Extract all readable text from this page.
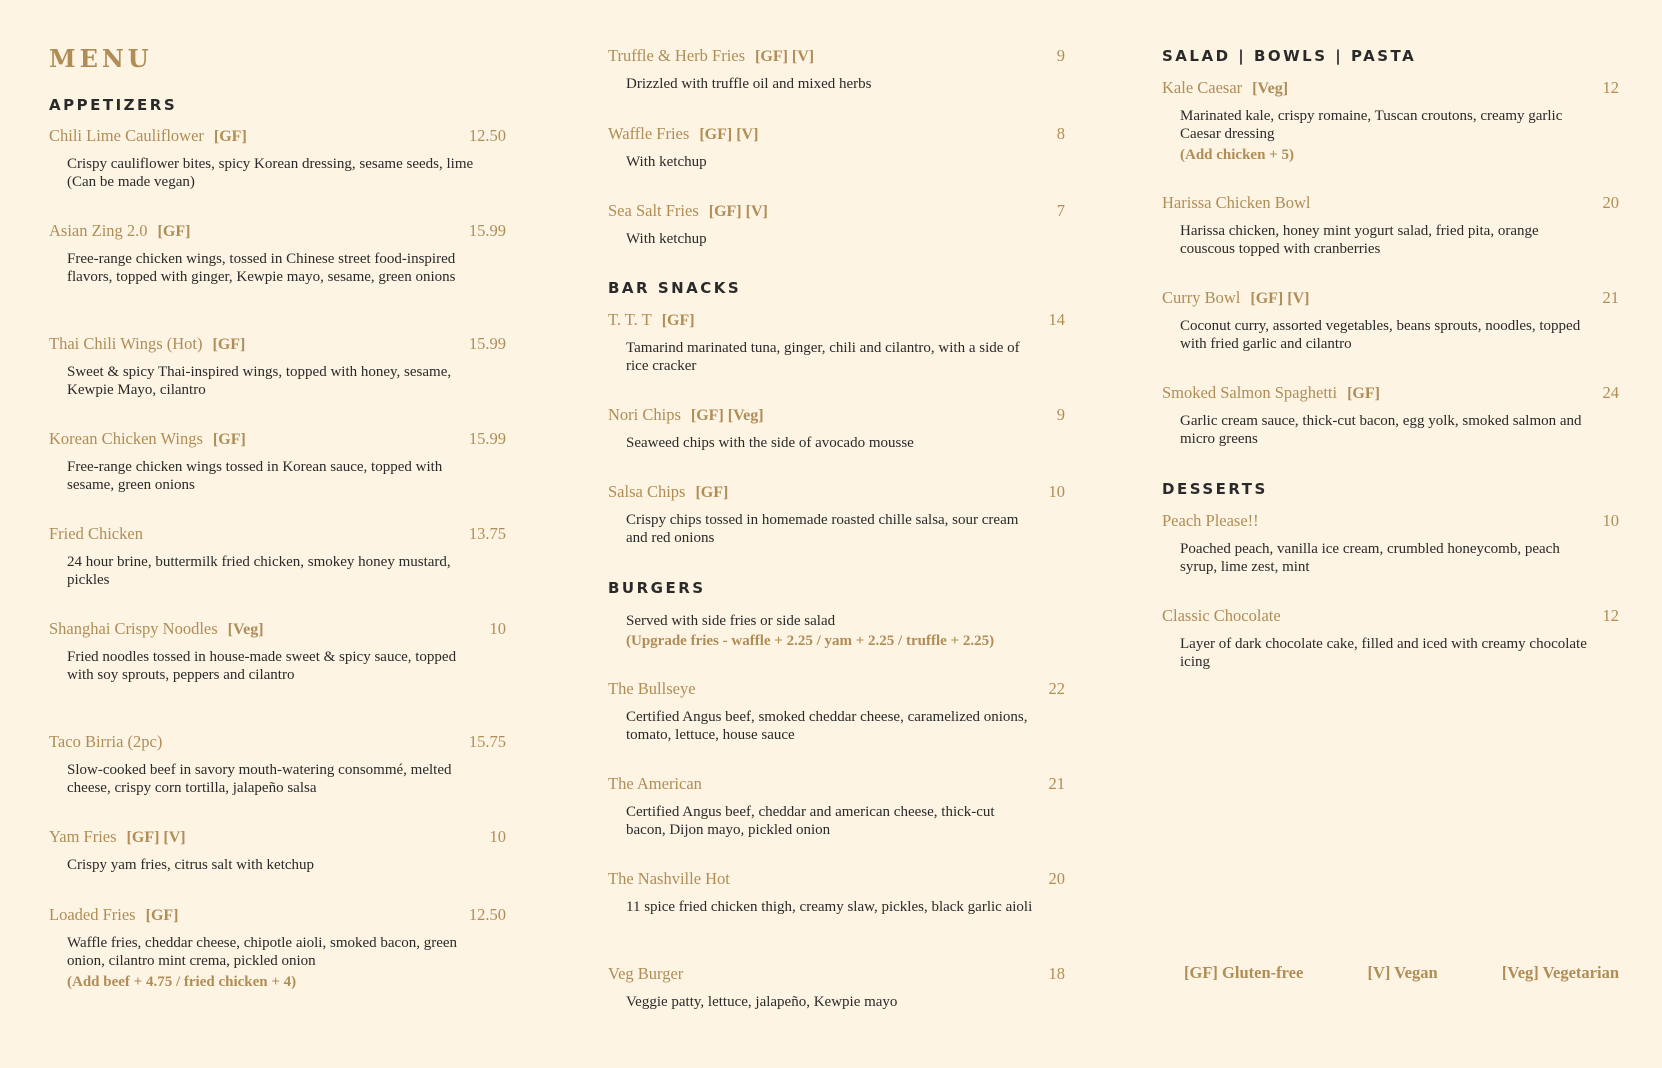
MENU
APPETIZERS
Chili Lime Cauliflower [GF]	12.50
Crispy cauliflower bites, spicy Korean dressing, sesame seeds, lime (Can be made vegan)
Asian Zing 2.0 [GF]	15.99
Free-range chicken wings, tossed in Chinese street food-inspired flavors, topped with ginger, Kewpie mayo, sesame, green onions
Thai Chili Wings (Hot) [GF]	15.99
Sweet & spicy Thai-inspired wings, topped with honey, sesame, Kewpie Mayo, cilantro
Korean Chicken Wings [GF]	15.99
Free-range chicken wings tossed in Korean sauce, topped with sesame, green onions
Fried Chicken	13.75
24 hour brine, buttermilk fried chicken, smokey honey mustard, pickles
Shanghai Crispy Noodles [Veg]	10
Fried noodles tossed in house-made sweet & spicy sauce, topped with soy sprouts, peppers and cilantro
Taco Birria (2pc)	15.75
Slow-cooked beef in savory mouth-watering consommé, melted cheese, crispy corn tortilla, jalapeño salsa
Yam Fries [GF] [V]	10
Crispy yam fries, citrus salt with ketchup
Loaded Fries [GF]	12.50
Waffle fries, cheddar cheese, chipotle aioli, smoked bacon, green onion, cilantro mint crema, pickled onion
(Add beef + 4.75 / fried chicken + 4)
Truffle & Herb Fries [GF] [V]	9
Drizzled with truffle oil and mixed herbs
Waffle Fries [GF] [V]	8
With ketchup
Sea Salt Fries [GF] [V]	7
With ketchup
BAR SNACKS
T. T. T [GF]	14
Tamarind marinated tuna, ginger, chili and cilantro, with a side of rice cracker
Nori Chips [GF] [Veg]	9
Seaweed chips with the side of avocado mousse
Salsa Chips [GF]	10
Crispy chips tossed in homemade roasted chille salsa, sour cream and red onions
BURGERS
Served with side fries or side salad
(Upgrade fries - waffle + 2.25 / yam + 2.25 / truffle + 2.25)
The Bullseye	22
Certified Angus beef, smoked cheddar cheese, caramelized onions, tomato, lettuce, house sauce
The American	21
Certified Angus beef, cheddar and american cheese, thick-cut bacon, Dijon mayo, pickled onion
The Nashville Hot	20
11 spice fried chicken thigh, creamy slaw, pickles, black garlic aioli
Veg Burger	18
Veggie patty, lettuce, jalapeño, Kewpie mayo
SALAD | BOWLS | PASTA
Kale Caesar [Veg]	12
Marinated kale, crispy romaine, Tuscan croutons, creamy garlic Caesar dressing
(Add chicken + 5)
Harissa Chicken Bowl	20
Harissa chicken, honey mint yogurt salad, fried pita, orange couscous topped with cranberries
Curry Bowl [GF] [V]	21
Coconut curry, assorted vegetables, beans sprouts, noodles, topped with fried garlic and cilantro
Smoked Salmon Spaghetti [GF]	24
Garlic cream sauce, thick-cut bacon, egg yolk, smoked salmon and micro greens
DESSERTS
Peach Please!!	10
Poached peach, vanilla ice cream, crumbled honeycomb, peach syrup, lime zest, mint
Classic Chocolate	12
Layer of dark chocolate cake, filled and iced with creamy chocolate icing
[GF] Gluten-free	[V] Vegan	[Veg] Vegetarian
